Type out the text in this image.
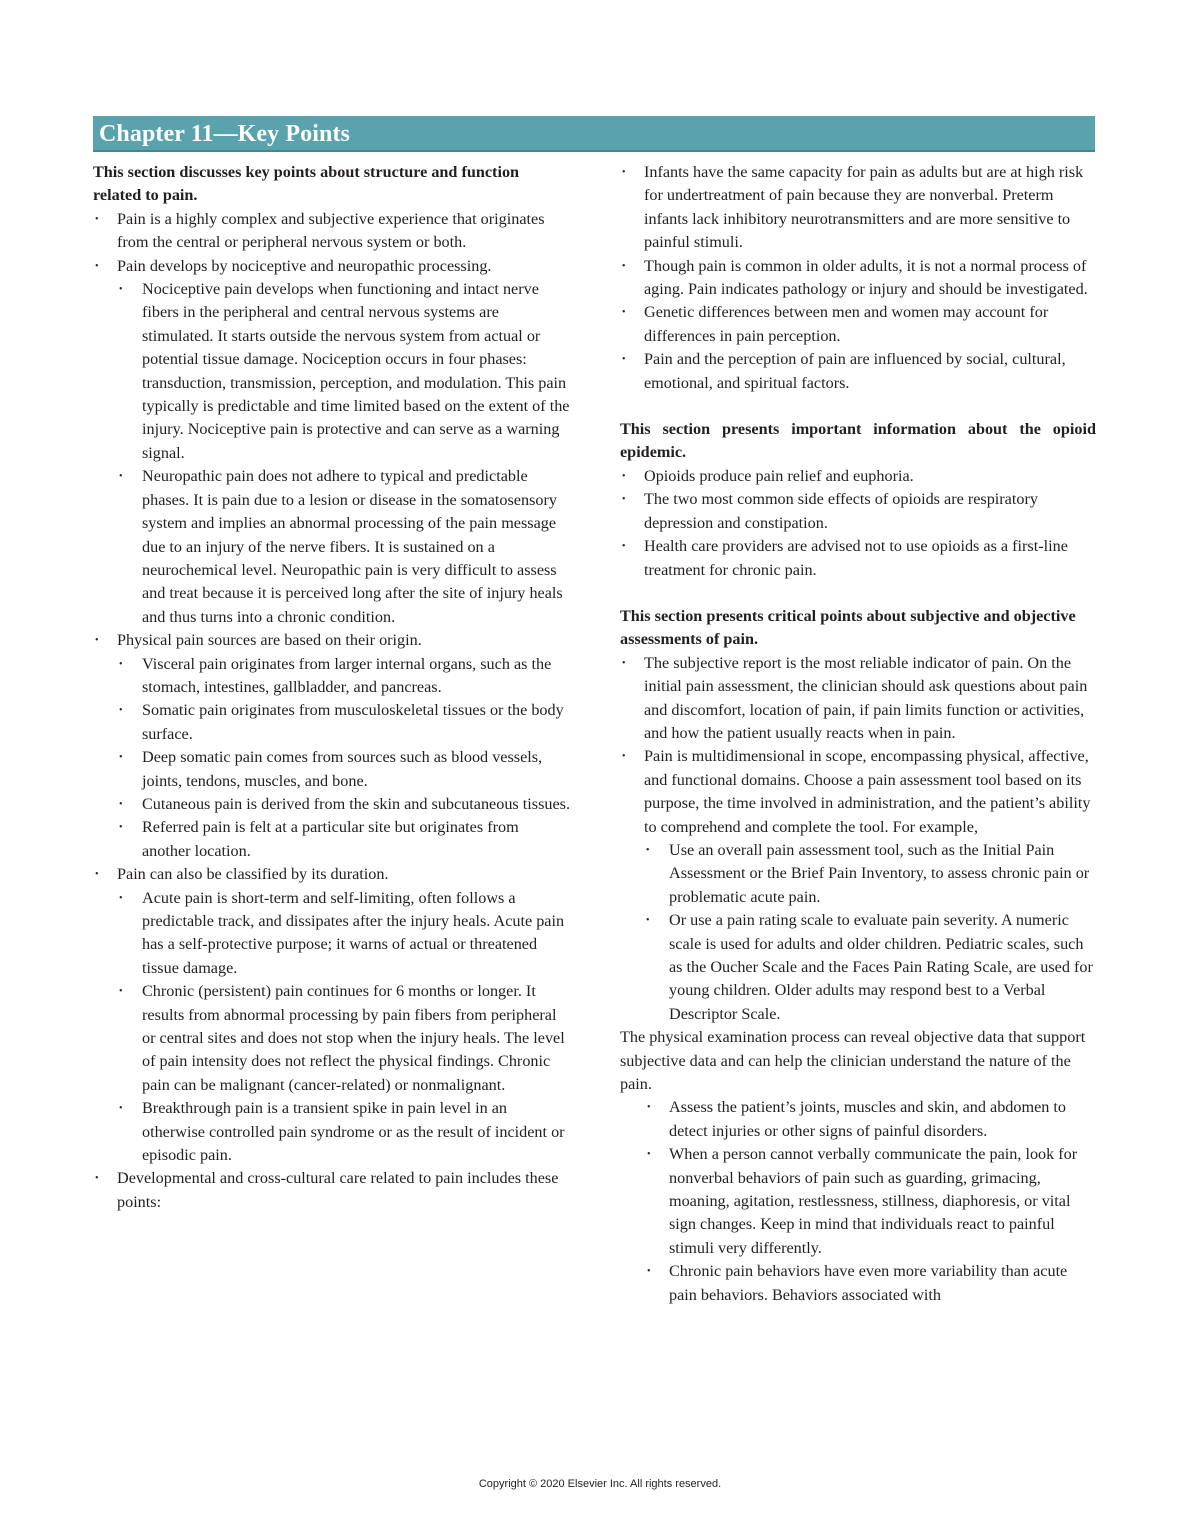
Chapter 11—Key Points

This section discusses key points about structure and function related to pain.

• Pain is a highly complex and subjective experience that originates from the central or peripheral nervous system or both.
• Pain develops by nociceptive and neuropathic processing.
• Nociceptive pain develops when functioning and intact nerve fibers in the peripheral and central nervous systems are stimulated. It starts outside the nervous system from actual or potential tissue damage. Nociception occurs in four phases: transduction, transmission, perception, and modulation. This pain typically is predictable and time limited based on the extent of the injury. Nociceptive pain is protective and can serve as a warning signal.
• Neuropathic pain does not adhere to typical and predictable phases. It is pain due to a lesion or disease in the somatosensory system and implies an abnormal processing of the pain message due to an injury of the nerve fibers. It is sustained on a neurochemical level. Neuropathic pain is very difficult to assess and treat because it is perceived long after the site of injury heals and thus turns into a chronic condition.
• Physical pain sources are based on their origin.
• Visceral pain originates from larger internal organs, such as the stomach, intestines, gallbladder, and pancreas.
• Somatic pain originates from musculoskeletal tissues or the body surface.
• Deep somatic pain comes from sources such as blood vessels, joints, tendons, muscles, and bone.
• Cutaneous pain is derived from the skin and subcutaneous tissues.
• Referred pain is felt at a particular site but originates from another location.
• Pain can also be classified by its duration.
• Acute pain is short-term and self-limiting, often follows a predictable track, and dissipates after the injury heals. Acute pain has a self-protective purpose; it warns of actual or threatened tissue damage.
• Chronic (persistent) pain continues for 6 months or longer. It results from abnormal processing by pain fibers from peripheral or central sites and does not stop when the injury heals. The level of pain intensity does not reflect the physical findings. Chronic pain can be malignant (cancer-related) or nonmalignant.
• Breakthrough pain is a transient spike in pain level in an otherwise controlled pain syndrome or as the result of incident or episodic pain.
• Developmental and cross-cultural care related to pain includes these points:
• Infants have the same capacity for pain as adults but are at high risk for undertreatment of pain because they are nonverbal. Preterm infants lack inhibitory neurotransmitters and are more sensitive to painful stimuli.
• Though pain is common in older adults, it is not a normal process of aging. Pain indicates pathology or injury and should be investigated.
• Genetic differences between men and women may account for differences in pain perception.
• Pain and the perception of pain are influenced by social, cultural, emotional, and spiritual factors.

This section presents important information about the opioid epidemic.

• Opioids produce pain relief and euphoria.
• The two most common side effects of opioids are respiratory depression and constipation.
• Health care providers are advised not to use opioids as a first-line treatment for chronic pain.

This section presents critical points about subjective and objective assessments of pain.

• The subjective report is the most reliable indicator of pain. On the initial pain assessment, the clinician should ask questions about pain and discomfort, location of pain, if pain limits function or activities, and how the patient usually reacts when in pain.
• Pain is multidimensional in scope, encompassing physical, affective, and functional domains. Choose a pain assessment tool based on its purpose, the time involved in administration, and the patient’s ability to comprehend and complete the tool. For example,
• Use an overall pain assessment tool, such as the Initial Pain Assessment or the Brief Pain Inventory, to assess chronic pain or problematic acute pain.
• Or use a pain rating scale to evaluate pain severity. A numeric scale is used for adults and older children. Pediatric scales, such as the Oucher Scale and the Faces Pain Rating Scale, are used for young children. Older adults may respond best to a Verbal Descriptor Scale.

The physical examination process can reveal objective data that support subjective data and can help the clinician understand the nature of the pain.

• Assess the patient’s joints, muscles and skin, and abdomen to detect injuries or other signs of painful disorders.
• When a person cannot verbally communicate the pain, look for nonverbal behaviors of pain such as guarding, grimacing, moaning, agitation, restlessness, stillness, diaphoresis, or vital sign changes. Keep in mind that individuals react to painful stimuli very differently.
• Chronic pain behaviors have even more variability than acute pain behaviors. Behaviors associated with
Copyright © 2020 Elsevier Inc. All rights reserved.
